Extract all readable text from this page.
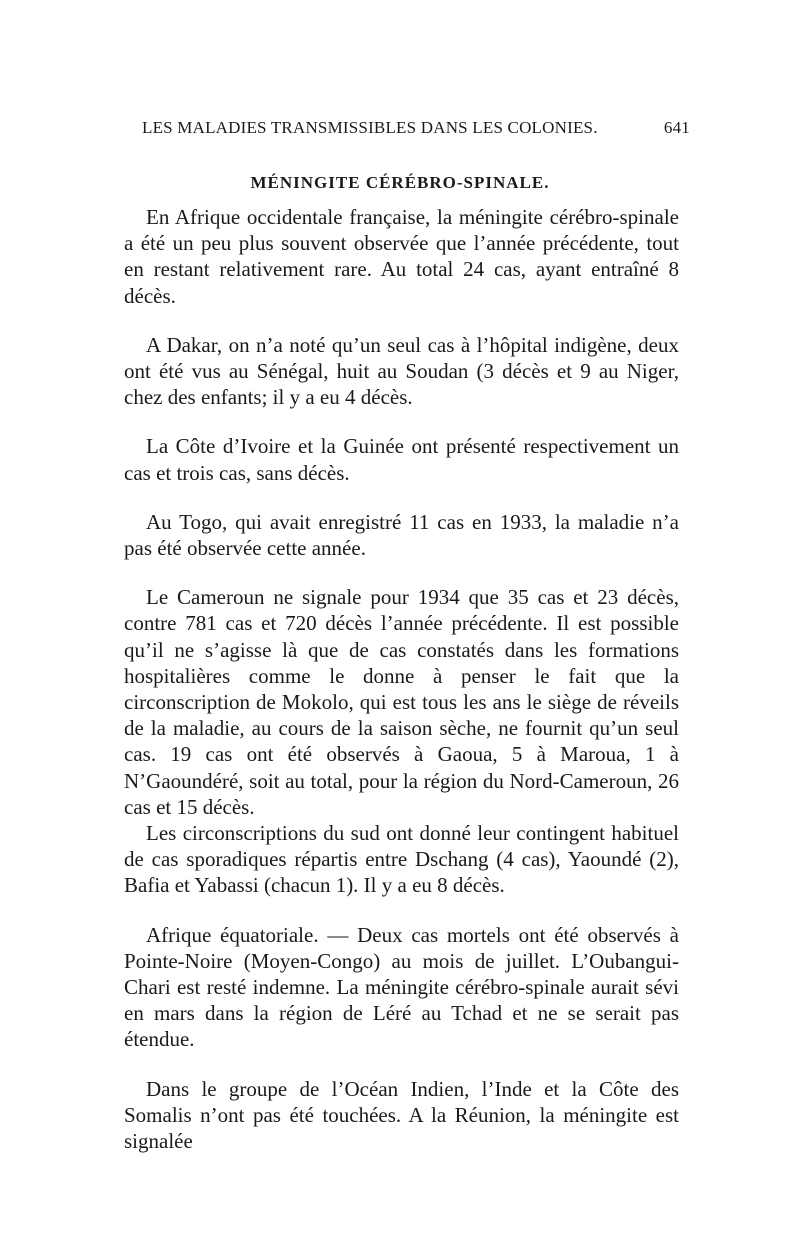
LES MALADIES TRANSMISSIBLES DANS LES COLONIES.	641
MÉNINGITE CÉRÉBRO-SPINALE.

En Afrique occidentale française, la méningite cérébro-spinale a été un peu plus souvent observée que l’année précédente, tout en restant relativement rare. Au total 24 cas, ayant entraîné 8 décès.

A Dakar, on n’a noté qu’un seul cas à l’hôpital indigène, deux ont été vus au Sénégal, huit au Soudan (3 décès et 9 au Niger, chez des enfants; il y a eu 4 décès.

La Côte d’Ivoire et la Guinée ont présenté respectivement un cas et trois cas, sans décès.

Au Togo, qui avait enregistré 11 cas en 1933, la maladie n’a pas été observée cette année.

Le Cameroun ne signale pour 1934 que 35 cas et 23 décès, contre 781 cas et 720 décès l’année précédente. Il est possible qu’il ne s’agisse là que de cas constatés dans les formations hospitalières comme le donne à penser le fait que la circonscription de Mokolo, qui est tous les ans le siège de réveils de la maladie, au cours de la saison sèche, ne fournit qu’un seul cas. 19 cas ont été observés à Gaoua, 5 à Maroua, 1 à N’Gaoundéré, soit au total, pour la région du Nord-Cameroun, 26 cas et 15 décès.

Les circonscriptions du sud ont donné leur contingent habituel de cas sporadiques répartis entre Dschang (4 cas), Yaoundé (2), Bafia et Yabassi (chacun 1). Il y a eu 8 décès.

Afrique équatoriale. — Deux cas mortels ont été observés à Pointe-Noire (Moyen-Congo) au mois de juillet. L’Oubangui-Chari est resté indemne. La méningite cérébro-spinale aurait sévi en mars dans la région de Léré au Tchad et ne se serait pas étendue.

Dans le groupe de l’Océan Indien, l’Inde et la Côte des Somalis n’ont pas été touchées. A la Réunion, la méningite est signalée
